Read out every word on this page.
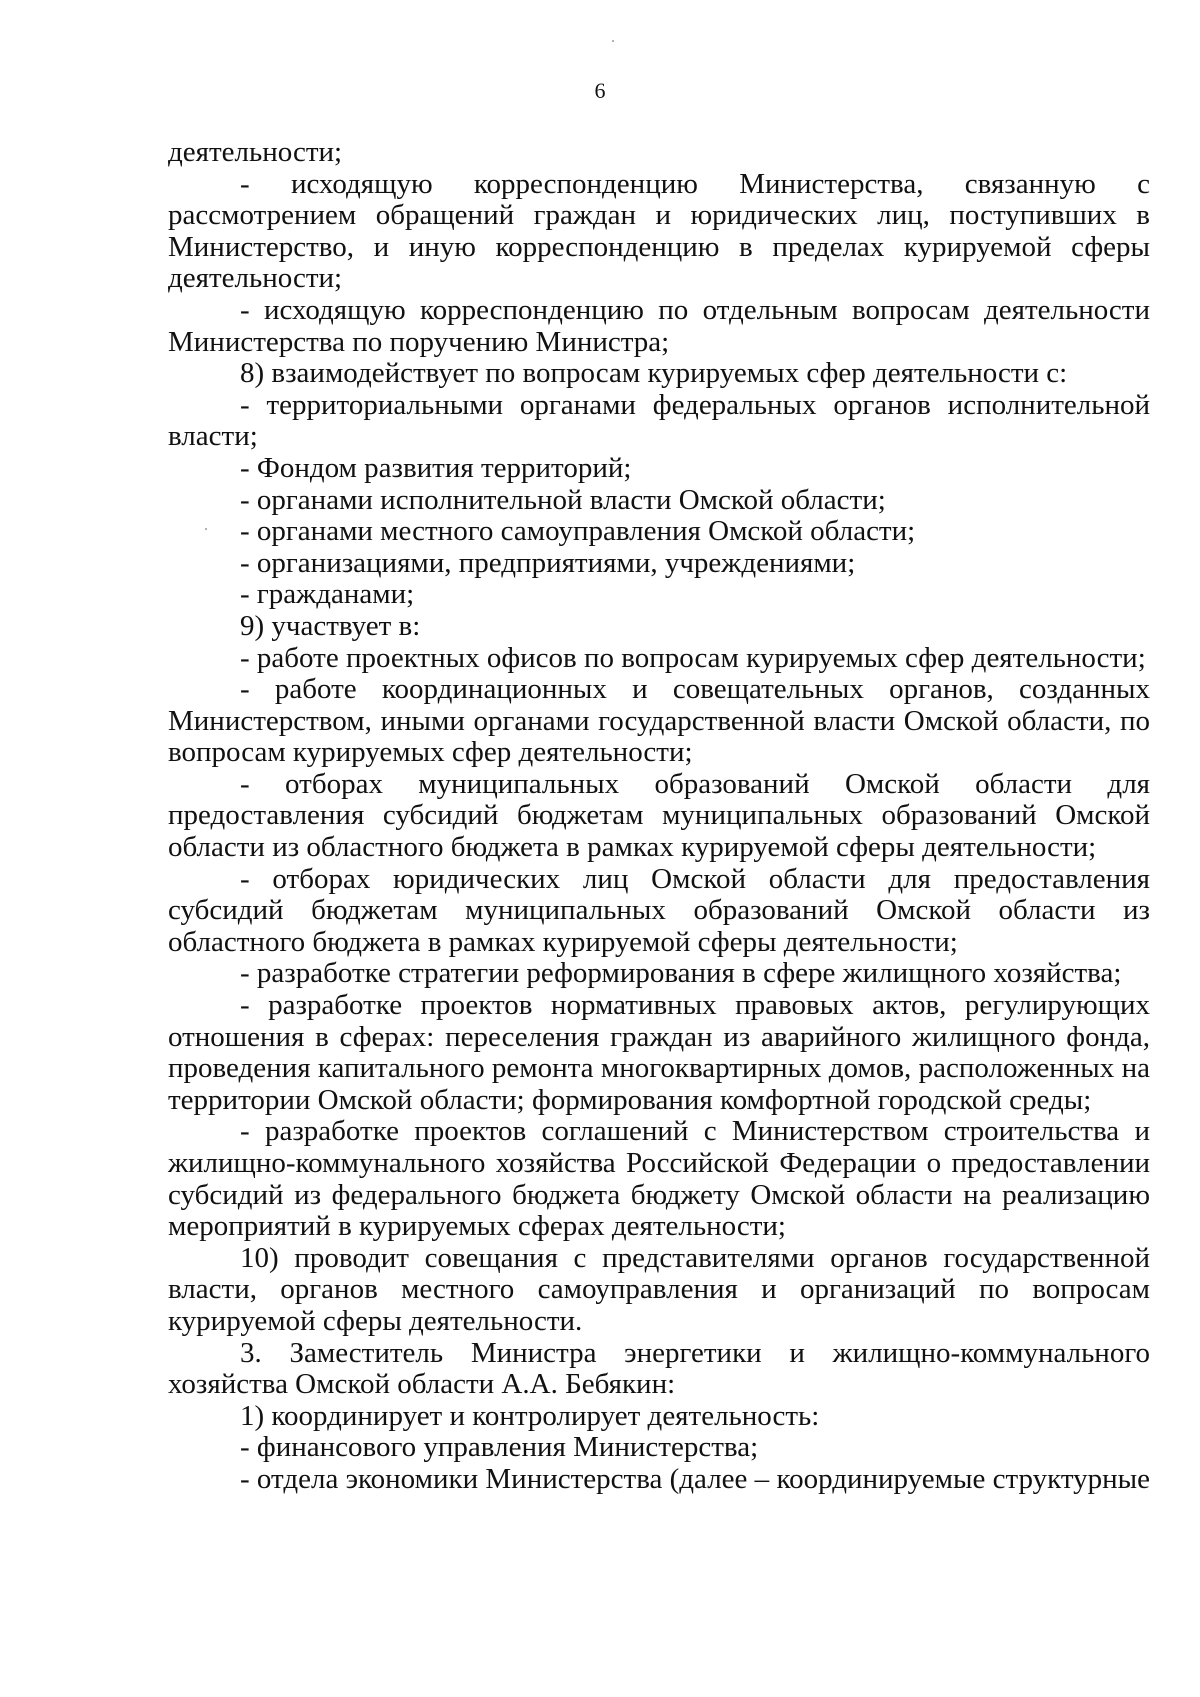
6

деятельности;

- исходящую корреспонденцию Министерства, связанную с рассмотрением обращений граждан и юридических лиц, поступивших в Министерство, и иную корреспонденцию в пределах курируемой сферы деятельности;

- исходящую корреспонденцию по отдельным вопросам деятельности Министерства по поручению Министра;

8) взаимодействует по вопросам курируемых сфер деятельности с:

- территориальными органами федеральных органов исполнительной власти;

- Фондом развития территорий;

- органами исполнительной власти Омской области;

- органами местного самоуправления Омской области;

- организациями, предприятиями, учреждениями;

- гражданами;

9) участвует в:

- работе проектных офисов по вопросам курируемых сфер деятельности;

- работе координационных и совещательных органов, созданных Министерством, иными органами государственной власти Омской области, по вопросам курируемых сфер деятельности;

- отборах муниципальных образований Омской области для предоставления субсидий бюджетам муниципальных образований Омской области из областного бюджета в рамках курируемой сферы деятельности;

- отборах юридических лиц Омской области для предоставления субсидий бюджетам муниципальных образований Омской области из областного бюджета в рамках курируемой сферы деятельности;

- разработке стратегии реформирования в сфере жилищного хозяйства;

- разработке проектов нормативных правовых актов, регулирующих отношения в сферах: переселения граждан из аварийного жилищного фонда, проведения капитального ремонта многоквартирных домов, расположенных на территории Омской области; формирования комфортной городской среды;

- разработке проектов соглашений с Министерством строительства и жилищно-коммунального хозяйства Российской Федерации о предоставлении субсидий из федерального бюджета бюджету Омской области на реализацию мероприятий в курируемых сферах деятельности;

10) проводит совещания с представителями органов государственной власти, органов местного самоуправления и организаций по вопросам курируемой сферы деятельности.

3. Заместитель Министра энергетики и жилищно-коммунального хозяйства Омской области А.А. Бебякин:

1) координирует и контролирует деятельность:

- финансового управления Министерства;

- отдела экономики Министерства (далее – координируемые структурные
